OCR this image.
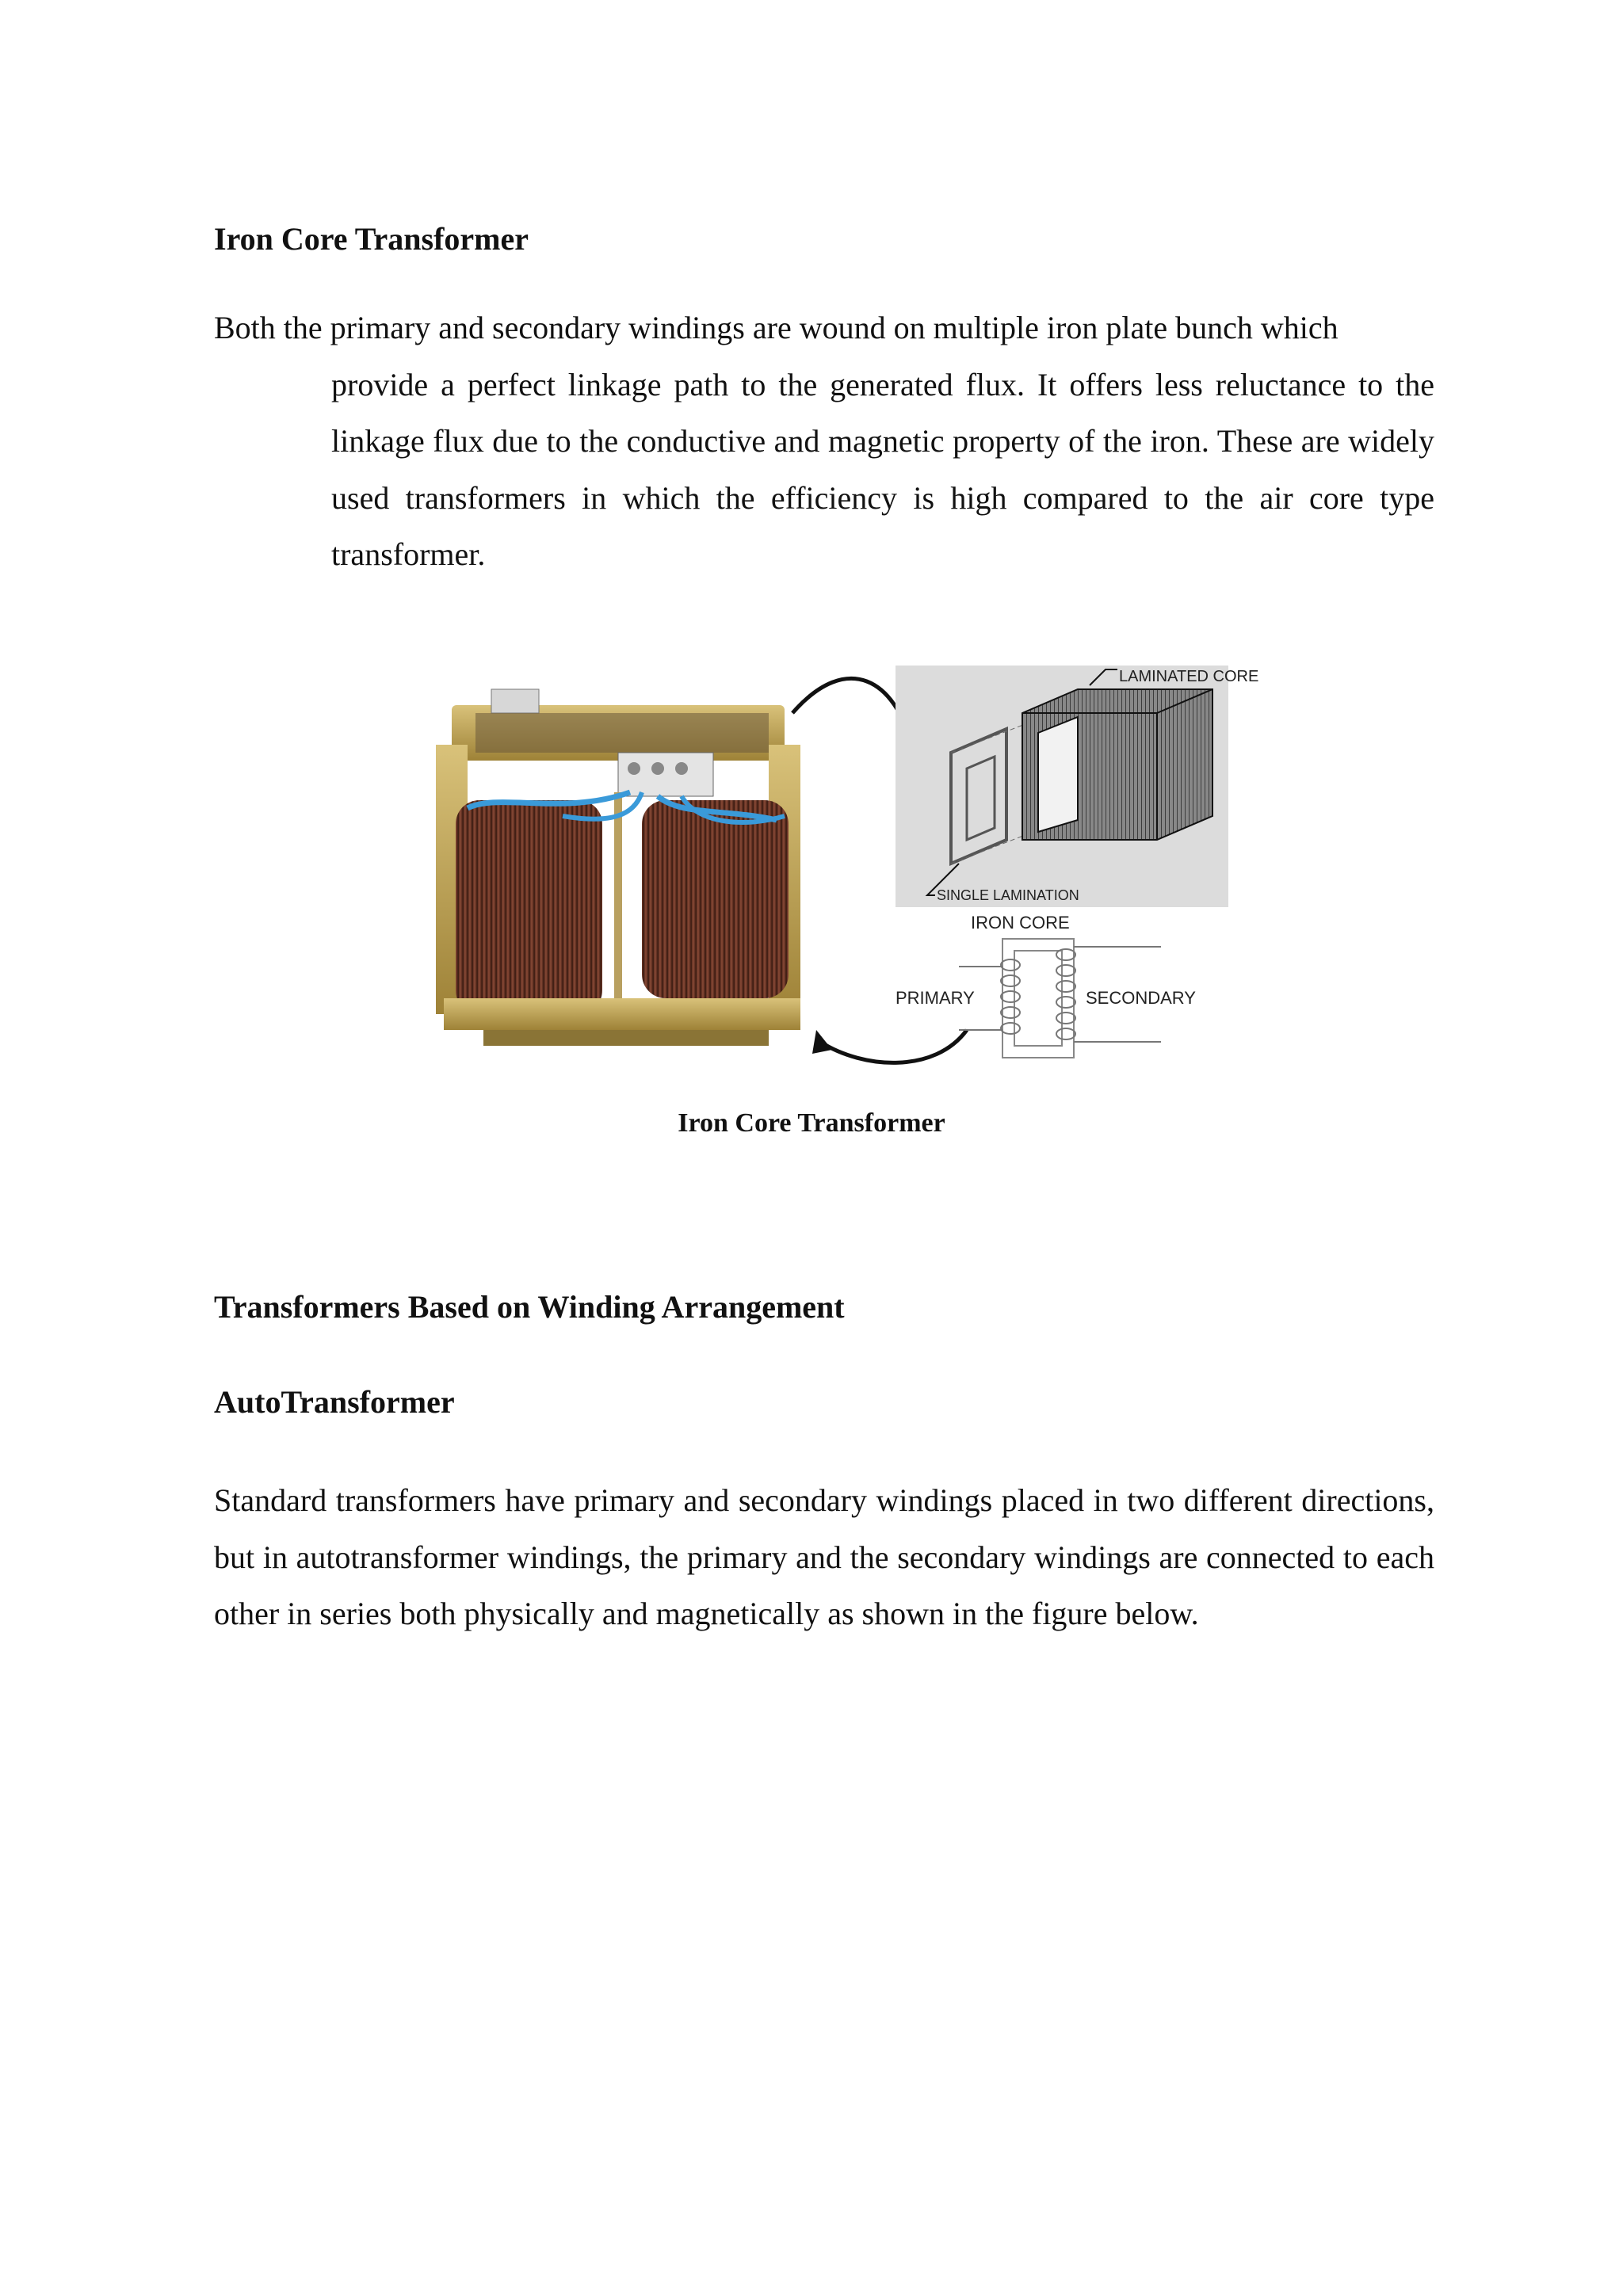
Iron Core Transformer

Both the primary and secondary windings are wound on multiple iron plate bunch which
provide a perfect linkage path to the generated flux. It offers less reluctance to the linkage flux due to the conductive and magnetic property of the iron. These are widely used transformers in which the efficiency is high compared to the air core type transformer.

LAMINATED CORE
SINGLE LAMINATION
IRON CORE
PRIMARY	SECONDARY
Iron Core Transformer
Transformers Based on Winding Arrangement
AutoTransformer

Standard transformers have primary and secondary windings placed in two different directions, but in autotransformer windings, the primary and the secondary windings are connected to each other in series both physically and magnetically as shown in the figure below.
